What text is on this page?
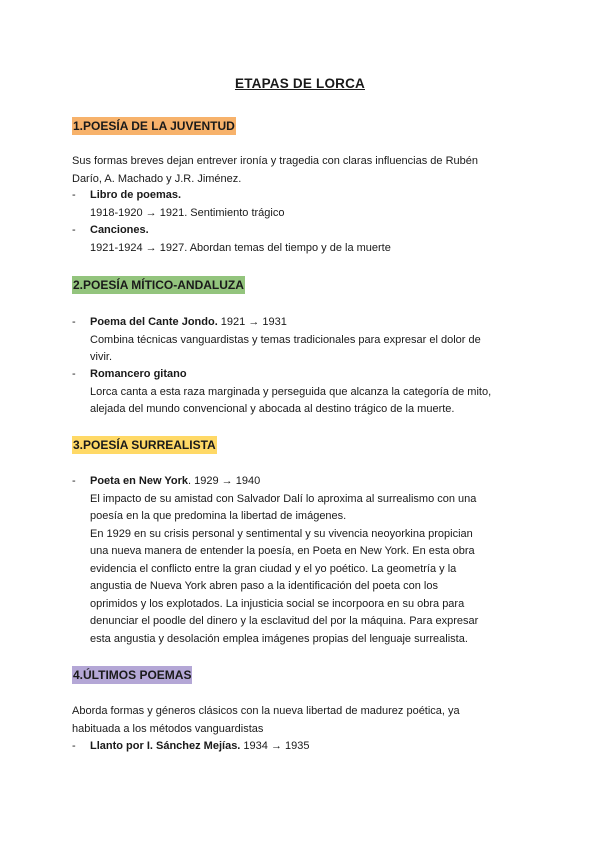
ETAPAS DE LORCA
1.POESÍA DE LA JUVENTUD
Sus formas breves dejan entrever ironía y tragedia con claras influencias de Rubén
Darío, A. Machado y J.R. Jiménez.
- Libro de poemas.
1918-1920 → 1921. Sentimiento trágico
- Canciones.
1921-1924 → 1927. Abordan temas del tiempo y de la muerte
2.POESÍA MÍTICO-ANDALUZA
- Poema del Cante Jondo. 1921 → 1931
Combina técnicas vanguardistas y temas tradicionales para expresar el dolor de
vivir.
- Romancero gitano
Lorca canta a esta raza marginada y perseguida que alcanza la categoría de mito,
alejada del mundo convencional y abocada al destino trágico de la muerte.
3.POESÍA SURREALISTA
- Poeta en New York. 1929 → 1940
El impacto de su amistad con Salvador Dalí lo aproxima al surrealismo con una
poesía en la que predomina la libertad de imágenes.
En 1929 en su crisis personal y sentimental y su vivencia neoyorkina propician
una nueva manera de entender la poesía, en Poeta en New York. En esta obra
evidencia el conflicto entre la gran ciudad y el yo poético. La geometría y la
angustia de Nueva York abren paso a la identificación del poeta con los
oprimidos y los explotados. La injusticia social se incorpoora en su obra para
denunciar el poodle del dinero y la esclavitud del por la máquina. Para expresar
esta angustia y desolación emplea imágenes propias del lenguaje surrealista.
4.ÚLTIMOS POEMAS
Aborda formas y géneros clásicos con la nueva libertad de madurez poética, ya
habituada a los métodos vanguardistas
- Llanto por I. Sánchez Mejías. 1934 → 1935
